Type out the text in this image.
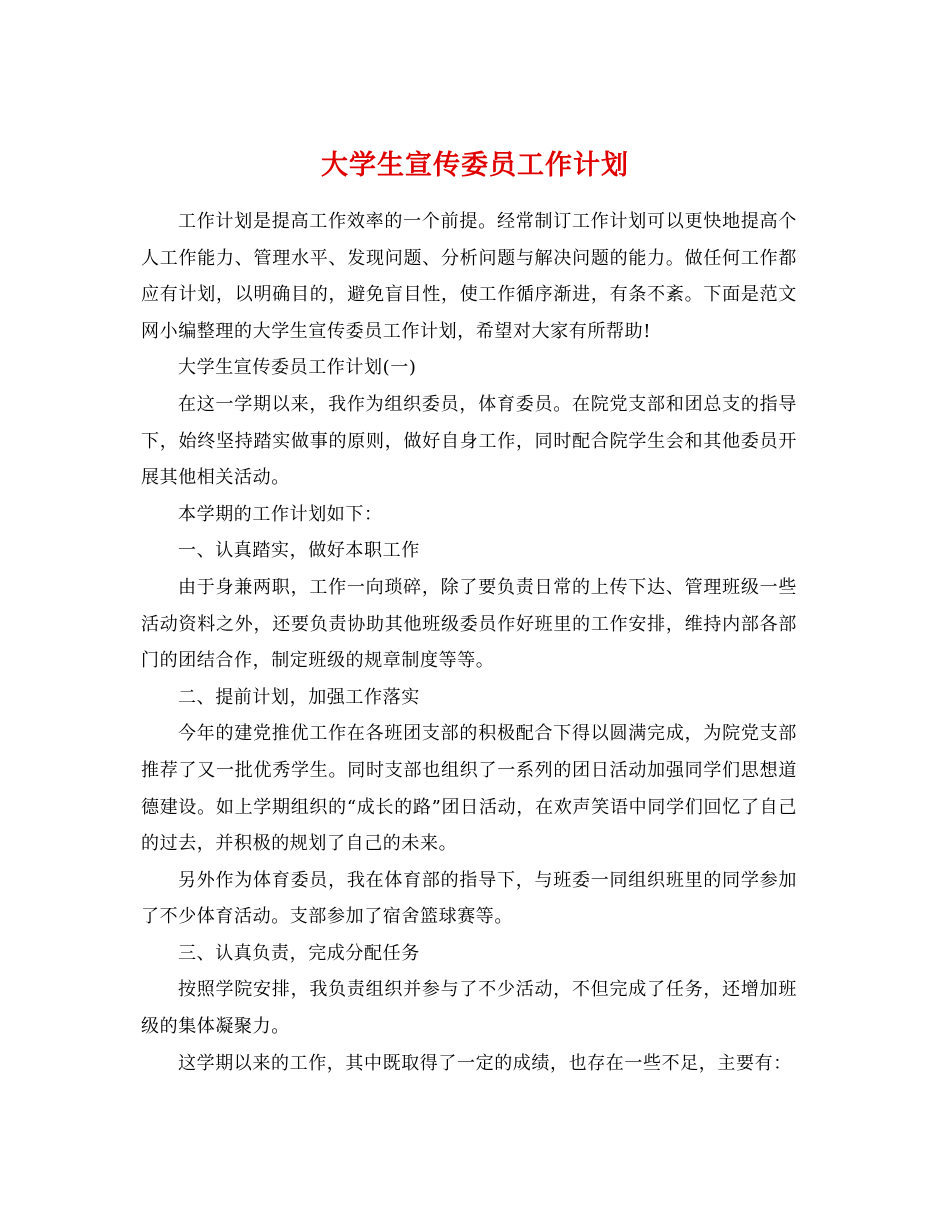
大学生宣传委员工作计划

工作计划是提高工作效率的一个前提。经常制订工作计划可以更快地提高个人工作能力、管理水平、发现问题、分析问题与解决问题的能力。做任何工作都应有计划，以明确目的，避免盲目性，使工作循序渐进，有条不紊。下面是范文网小编整理的大学生宣传委员工作计划，希望对大家有所帮助!

大学生宣传委员工作计划(一)

在这一学期以来，我作为组织委员，体育委员。在院党支部和团总支的指导下，始终坚持踏实做事的原则，做好自身工作，同时配合院学生会和其他委员开展其他相关活动。

本学期的工作计划如下：

一、认真踏实，做好本职工作

由于身兼两职，工作一向琐碎，除了要负责日常的上传下达、管理班级一些活动资料之外，还要负责协助其他班级委员作好班里的工作安排，维持内部各部门的团结合作，制定班级的规章制度等等。

二、提前计划，加强工作落实

今年的建党推优工作在各班团支部的积极配合下得以圆满完成，为院党支部推荐了又一批优秀学生。同时支部也组织了一系列的团日活动加强同学们思想道德建设。如上学期组织的“成长的路”团日活动，在欢声笑语中同学们回忆了自己的过去，并积极的规划了自己的未来。

另外作为体育委员，我在体育部的指导下，与班委一同组织班里的同学参加了不少体育活动。支部参加了宿舍篮球赛等。

三、认真负责，完成分配任务

按照学院安排，我负责组织并参与了不少活动，不但完成了任务，还增加班级的集体凝聚力。

这学期以来的工作，其中既取得了一定的成绩，也存在一些不足，主要有：
